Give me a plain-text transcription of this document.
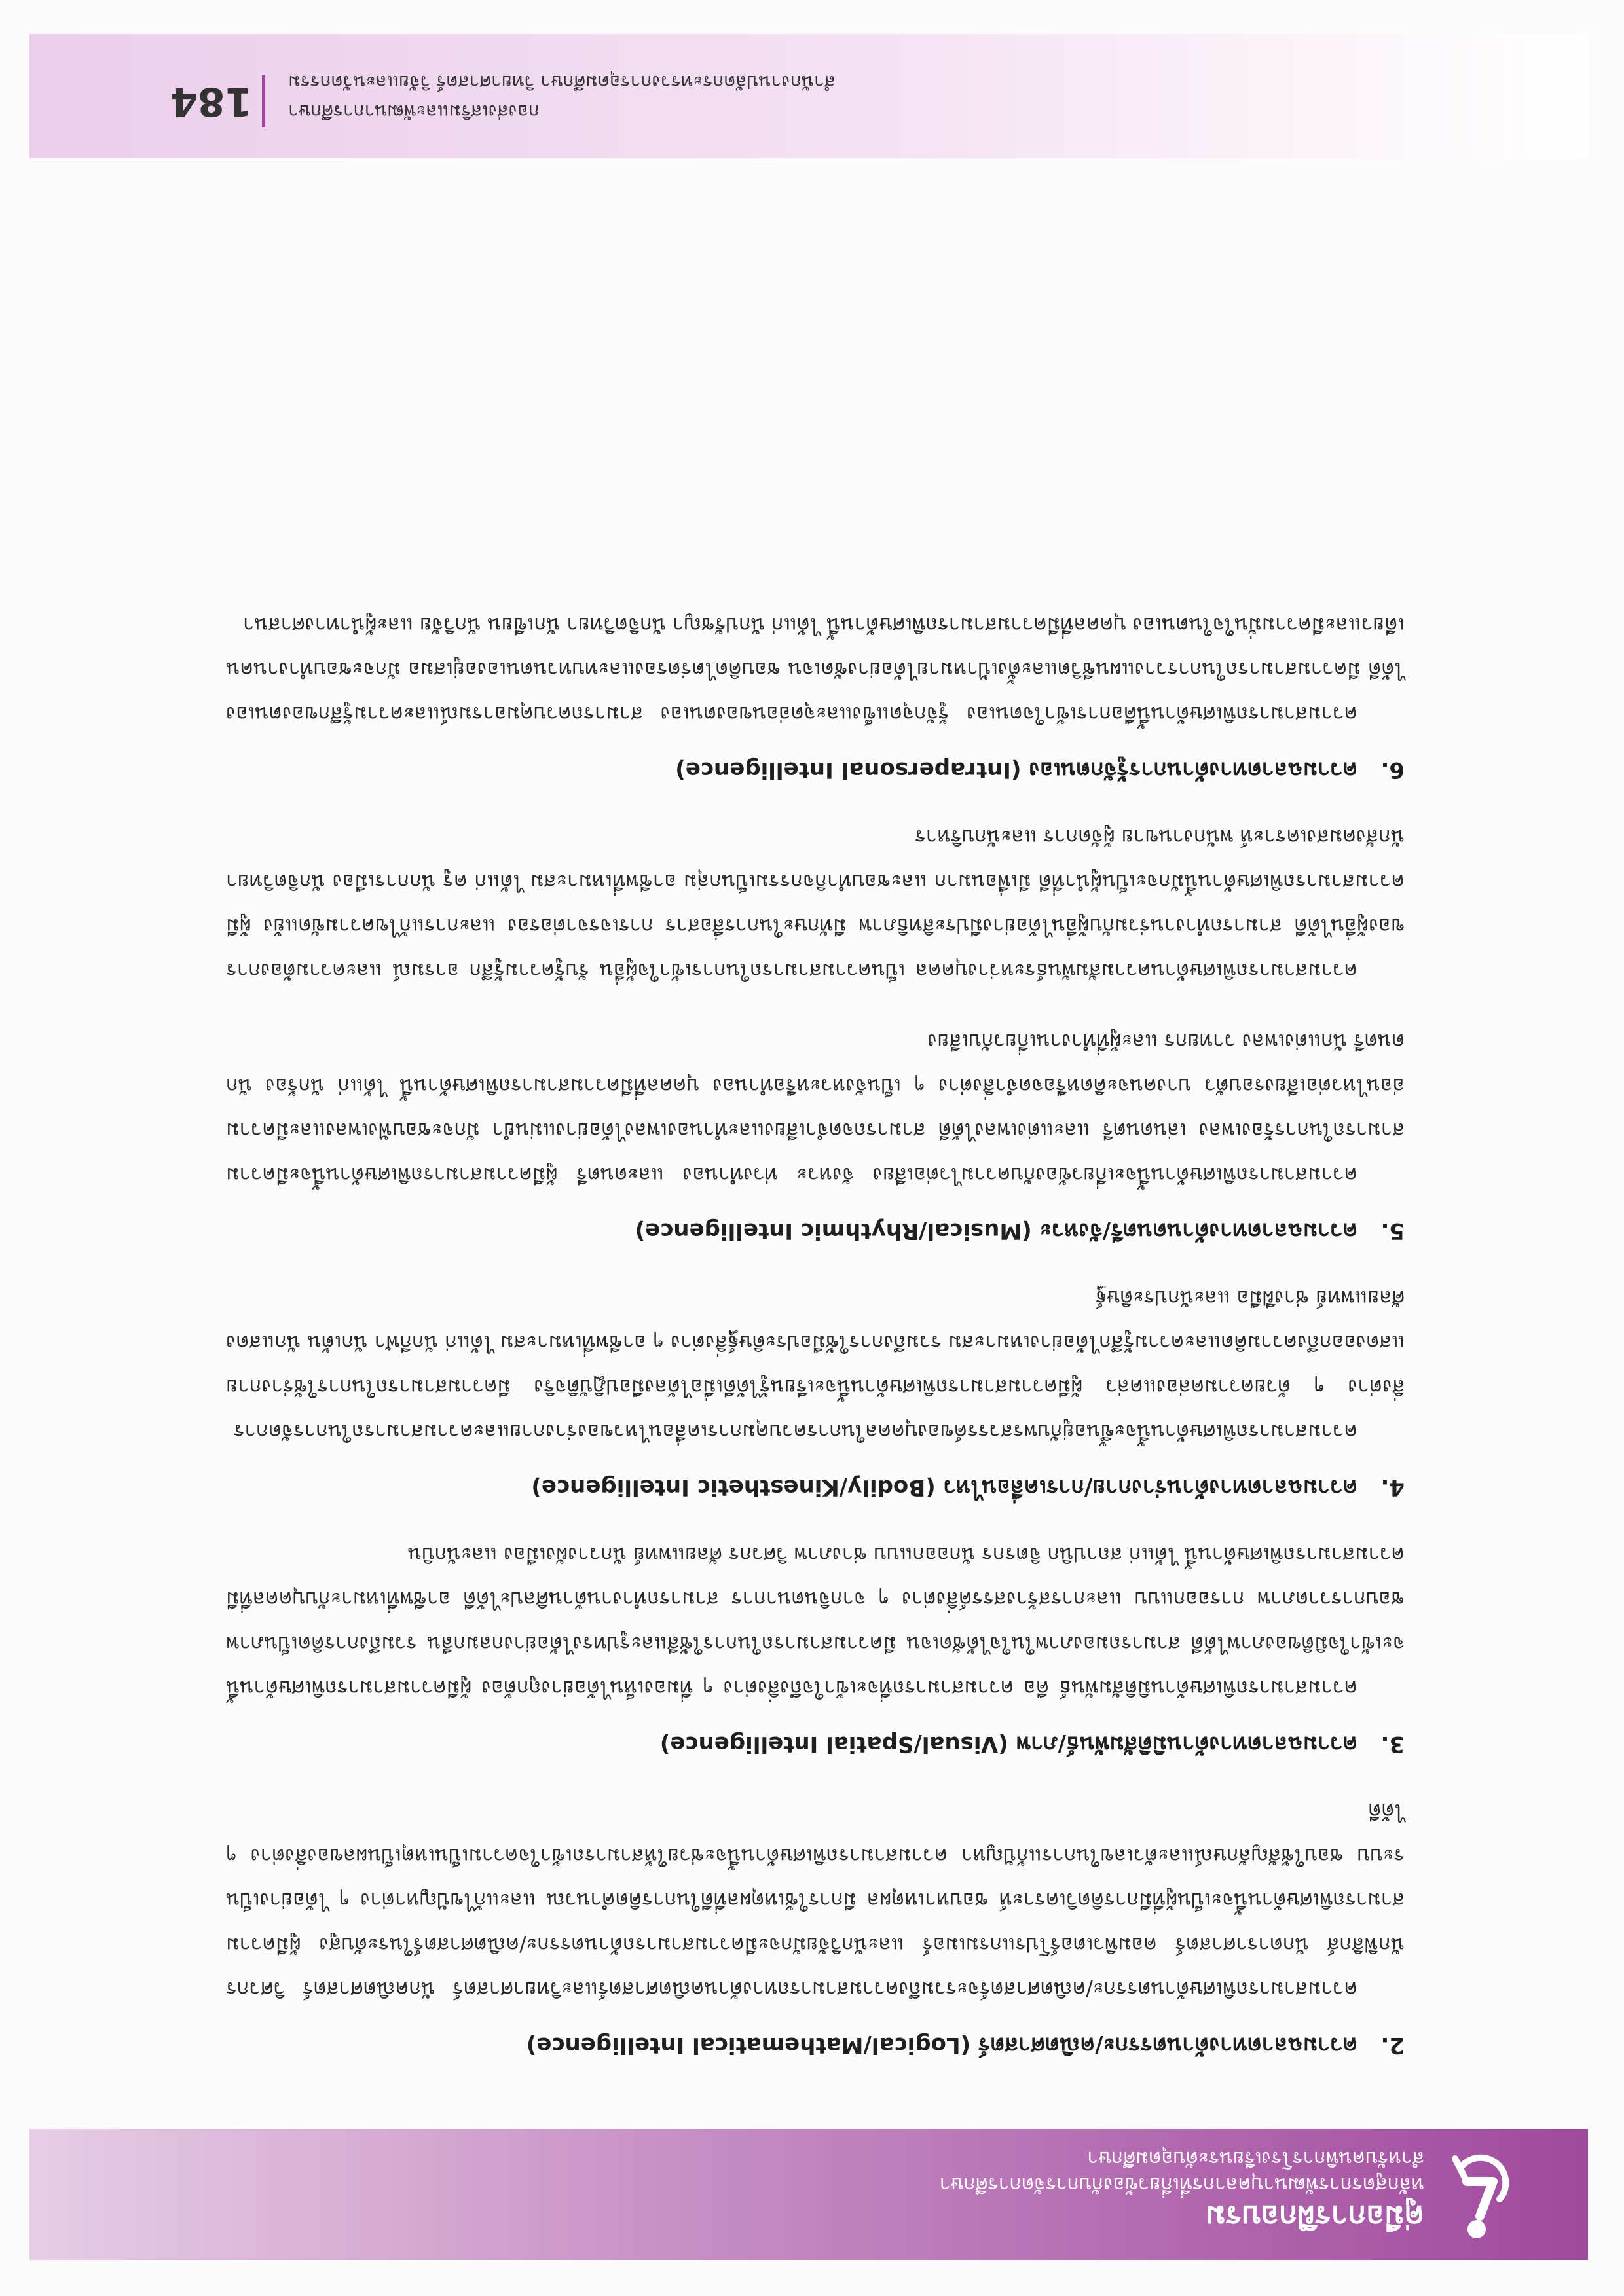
คู่มือการฝึกอบรม
หลักสูตรการพัฒนาบุคลากรที่เกี่ยวข้องกับการจัดการศึกษา
สำหรับคนพิการโรงเรียนระดับอุดมศึกษา
2.ความฉลาดทางด้านตรรกะ/คณิตศาสตร์ (Logical/Mathematical Intelligence)

ความสามารถพิเศษด้านตรรกะ/คณิตศาสตร์จะรวมถึงความสามารถทางด้านคณิตศาสตร์และวิทยาศาสตร์ นักคณิตศาสตร์ วิศวกร นักฟิสิกส์ นักดาราศาสตร์ คอมพิวเตอร์โปรแกรมเมอร์ และนักวิจัยมักจะมีความสามารถด้านตรรกะ/คณิตศาสตร์ในระดับสูง ผู้มีความสามารถพิเศษด้านนี้จะเป็นผู้ที่มีการคิดวิเคราะห์ ชอบหาเหตุผล มีการใช้เหตุผลที่ดีในการคิดคำนวณ และแก้ไขปัญหาต่าง ๆ ได้อย่างเป็นระบบ ชอบใช้สัญลักษณ์และตัวเลขในการแก้ปัญหา ความสามารถพิเศษด้านนี้จะช่วยให้สามารถเข้าใจความเป็นเหตุเป็นผลของสิ่งต่าง ๆ ได้ดี

3.ความฉลาดทางด้านมิติสัมพันธ์/ภาพ (Visual/Spatial Intelligence)

ความสามารถพิเศษด้านมิติสัมพันธ์ คือ ความสามารถที่จะเข้าใจถึงสิ่งต่าง ๆ ที่มองเห็นได้อย่างถูกต้อง ผู้มีความสามารถพิเศษด้านนี้จะเข้าใจมิติของภาพได้ดี สามารถมองภาพในใจได้ชัดเจน มีความสามารถในการใช้สีและรูปทรงได้อย่างกลมกลืน รวมถึงการคิดเป็นภาพ ชอบการวาดภาพ การออกแบบ และการสร้างสรรค์สิ่งต่าง ๆ จากจินตนาการ สามารถทำงานด้านศิลปะได้ดี อาชีพที่เหมาะกับบุคคลที่มีความสามารถพิเศษด้านนี้ ได้แก่ สถาปนิก จิตรกร นักออกแบบ ช่างภาพ วิศวกร ศัลยแพทย์ นักวางผังเมือง และนักบิน

4.ความฉลาดทางด้านร่างกาย/การเคลื่อนไหว (Bodily/Kinesthetic Intelligence)

ความสามารถพิเศษด้านนี้จะขึ้นอยู่กับพรสวรรค์ของบุคคลในการควบคุมการเคลื่อนไหวของร่างกายและความสามารถในการจัดการสิ่งต่าง ๆ ด้วยความคล่องแคล่ว ผู้มีความสามารถพิเศษด้านนี้จะเรียนรู้ได้ดีเมื่อได้ลงมือปฏิบัติจริง มีความสามารถในการใช้ร่างกายแสดงออกถึงความคิดและความรู้สึกได้อย่างเหมาะสม รวมถึงการใช้มือประดิษฐ์สิ่งต่าง ๆ อาชีพที่เหมาะสม ได้แก่ นักกีฬา นักเต้น นักแสดง ศัลยแพทย์ ช่างฝีมือ และนักประดิษฐ์

5.ความฉลาดทางด้านดนตรี/จังหวะ (Musical/Rhythmic Intelligence)

ความสามารถพิเศษด้านนี้จะเกี่ยวข้องกับความไวต่อเสียง จังหวะ ท่วงทำนอง และดนตรี ผู้มีความสามารถพิเศษด้านนี้จะมีความสามารถในการร้องเพลง เล่นดนตรี และแต่งเพลงได้ดี สามารถจดจำเสียงและทำนองเพลงได้อย่างแม่นยำ มักจะชอบฟังเพลงและมีความอ่อนไหวต่อเสียงรอบตัว บางคนจะคิดหรือจดจำสิ่งต่าง ๆ เป็นจังหวะหรือทำนอง บุคคลที่มีความสามารถพิเศษด้านนี้ ได้แก่ นักร้อง นักดนตรี นักแต่งเพลง วาทยกร และผู้ที่ทำงานเกี่ยวกับเสียง

ความสามารถพิเศษด้านความสัมพันธ์ระหว่างบุคคล เป็นความสามารถในการเข้าใจผู้อื่น รับรู้ความรู้สึก อารมณ์ และความต้องการของผู้อื่นได้ดี สามารถทำงานร่วมกับผู้อื่นได้อย่างมีประสิทธิภาพ มีทักษะในการสื่อสาร การเจรจาต่อรอง และการแก้ไขความขัดแย้ง ผู้มีความสามารถพิเศษด้านนี้มักจะเป็นผู้นำที่ดี มีเพื่อนมาก และชอบทำกิจกรรมเป็นกลุ่ม อาชีพที่เหมาะสม ได้แก่ ครู นักการเมือง นักจิตวิทยา นักสังคมสงเคราะห์ พนักงานขาย ผู้จัดการ และนักบริหาร

6.ความฉลาดทางด้านการรู้จักตนเอง (Intrapersonal Intelligence)

ความสามารถพิเศษด้านนี้คือการเข้าใจตนเอง รู้จักจุดแข็งและจุดอ่อนของตนเอง สามารถควบคุมอารมณ์และความรู้สึกของตนเองได้ดี มีความสามารถในการวางแผนชีวิตและตั้งเป้าหมายได้อย่างชัดเจน ชอบคิดไตร่ตรองและทบทวนตนเองอยู่เสมอ มักจะชอบทำงานคนเดียวและมีความมั่นใจในตนเอง บุคคลที่มีความสามารถพิเศษด้านนี้ ได้แก่ นักปรัชญา นักจิตวิทยา นักเขียน นักวิจัย และผู้นำทางศาสนา

กองส่งเสริมและพัฒนาการศึกษา
สำนักงานปลัดกระทรวงการอุดมศึกษา วิทยาศาสตร์ วิจัยและนวัตกรรม
184
